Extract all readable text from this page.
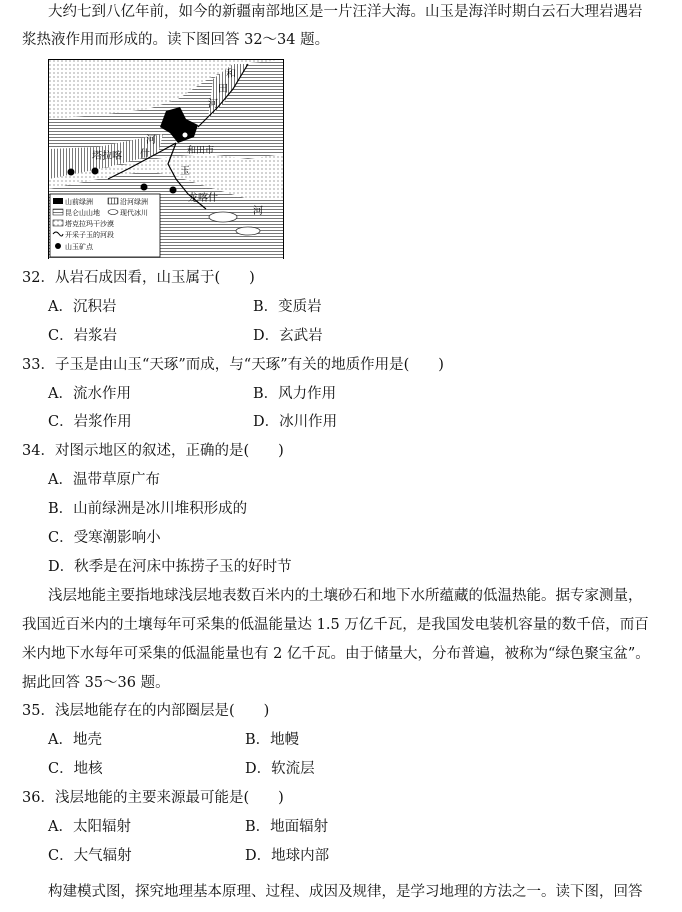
大约七到八亿年前，如今的新疆南部地区是一片汪洋大海。山玉是海洋时期白云石大理岩遇岩
浆热液作用而形成的。读下图回答 32～34 题。
和
田
河
和田市
塔拉喀
河
什
玉
龙喀什
河
山前绿洲	沿河绿洲
昆仑山山地	现代冰川
塔克拉玛干沙漠
开采子玉的河段
山玉矿点
32．从岩石成因看，山玉属于(　　)
A．沉积岩	B．变质岩
C．岩浆岩	D．玄武岩
33．子玉是由山玉“天琢”而成，与“天琢”有关的地质作用是(　　)
A．流水作用	B．风力作用
C．岩浆作用	D．冰川作用
34．对图示地区的叙述，正确的是(　　)
A．温带草原广布
B．山前绿洲是冰川堆积形成的
C．受寒潮影响小
D．秋季是在河床中拣捞子玉的好时节
浅层地能主要指地球浅层地表数百米内的土壤砂石和地下水所蕴藏的低温热能。据专家测量，
我国近百米内的土壤每年可采集的低温能量达 1.5 万亿千瓦，是我国发电装机容量的数千倍，而百
米内地下水每年可采集的低温能量也有 2 亿千瓦。由于储量大，分布普遍，被称为“绿色聚宝盆”。
据此回答 35～36 题。
35．浅层地能存在的内部圈层是(　　)
A．地壳	B．地幔
C．地核	D．软流层
36．浅层地能的主要来源最可能是(　　)
A．太阳辐射	B．地面辐射
C．大气辐射	D．地球内部
构建模式图，探究地理基本原理、过程、成因及规律，是学习地理的方法之一。读下图，回答
